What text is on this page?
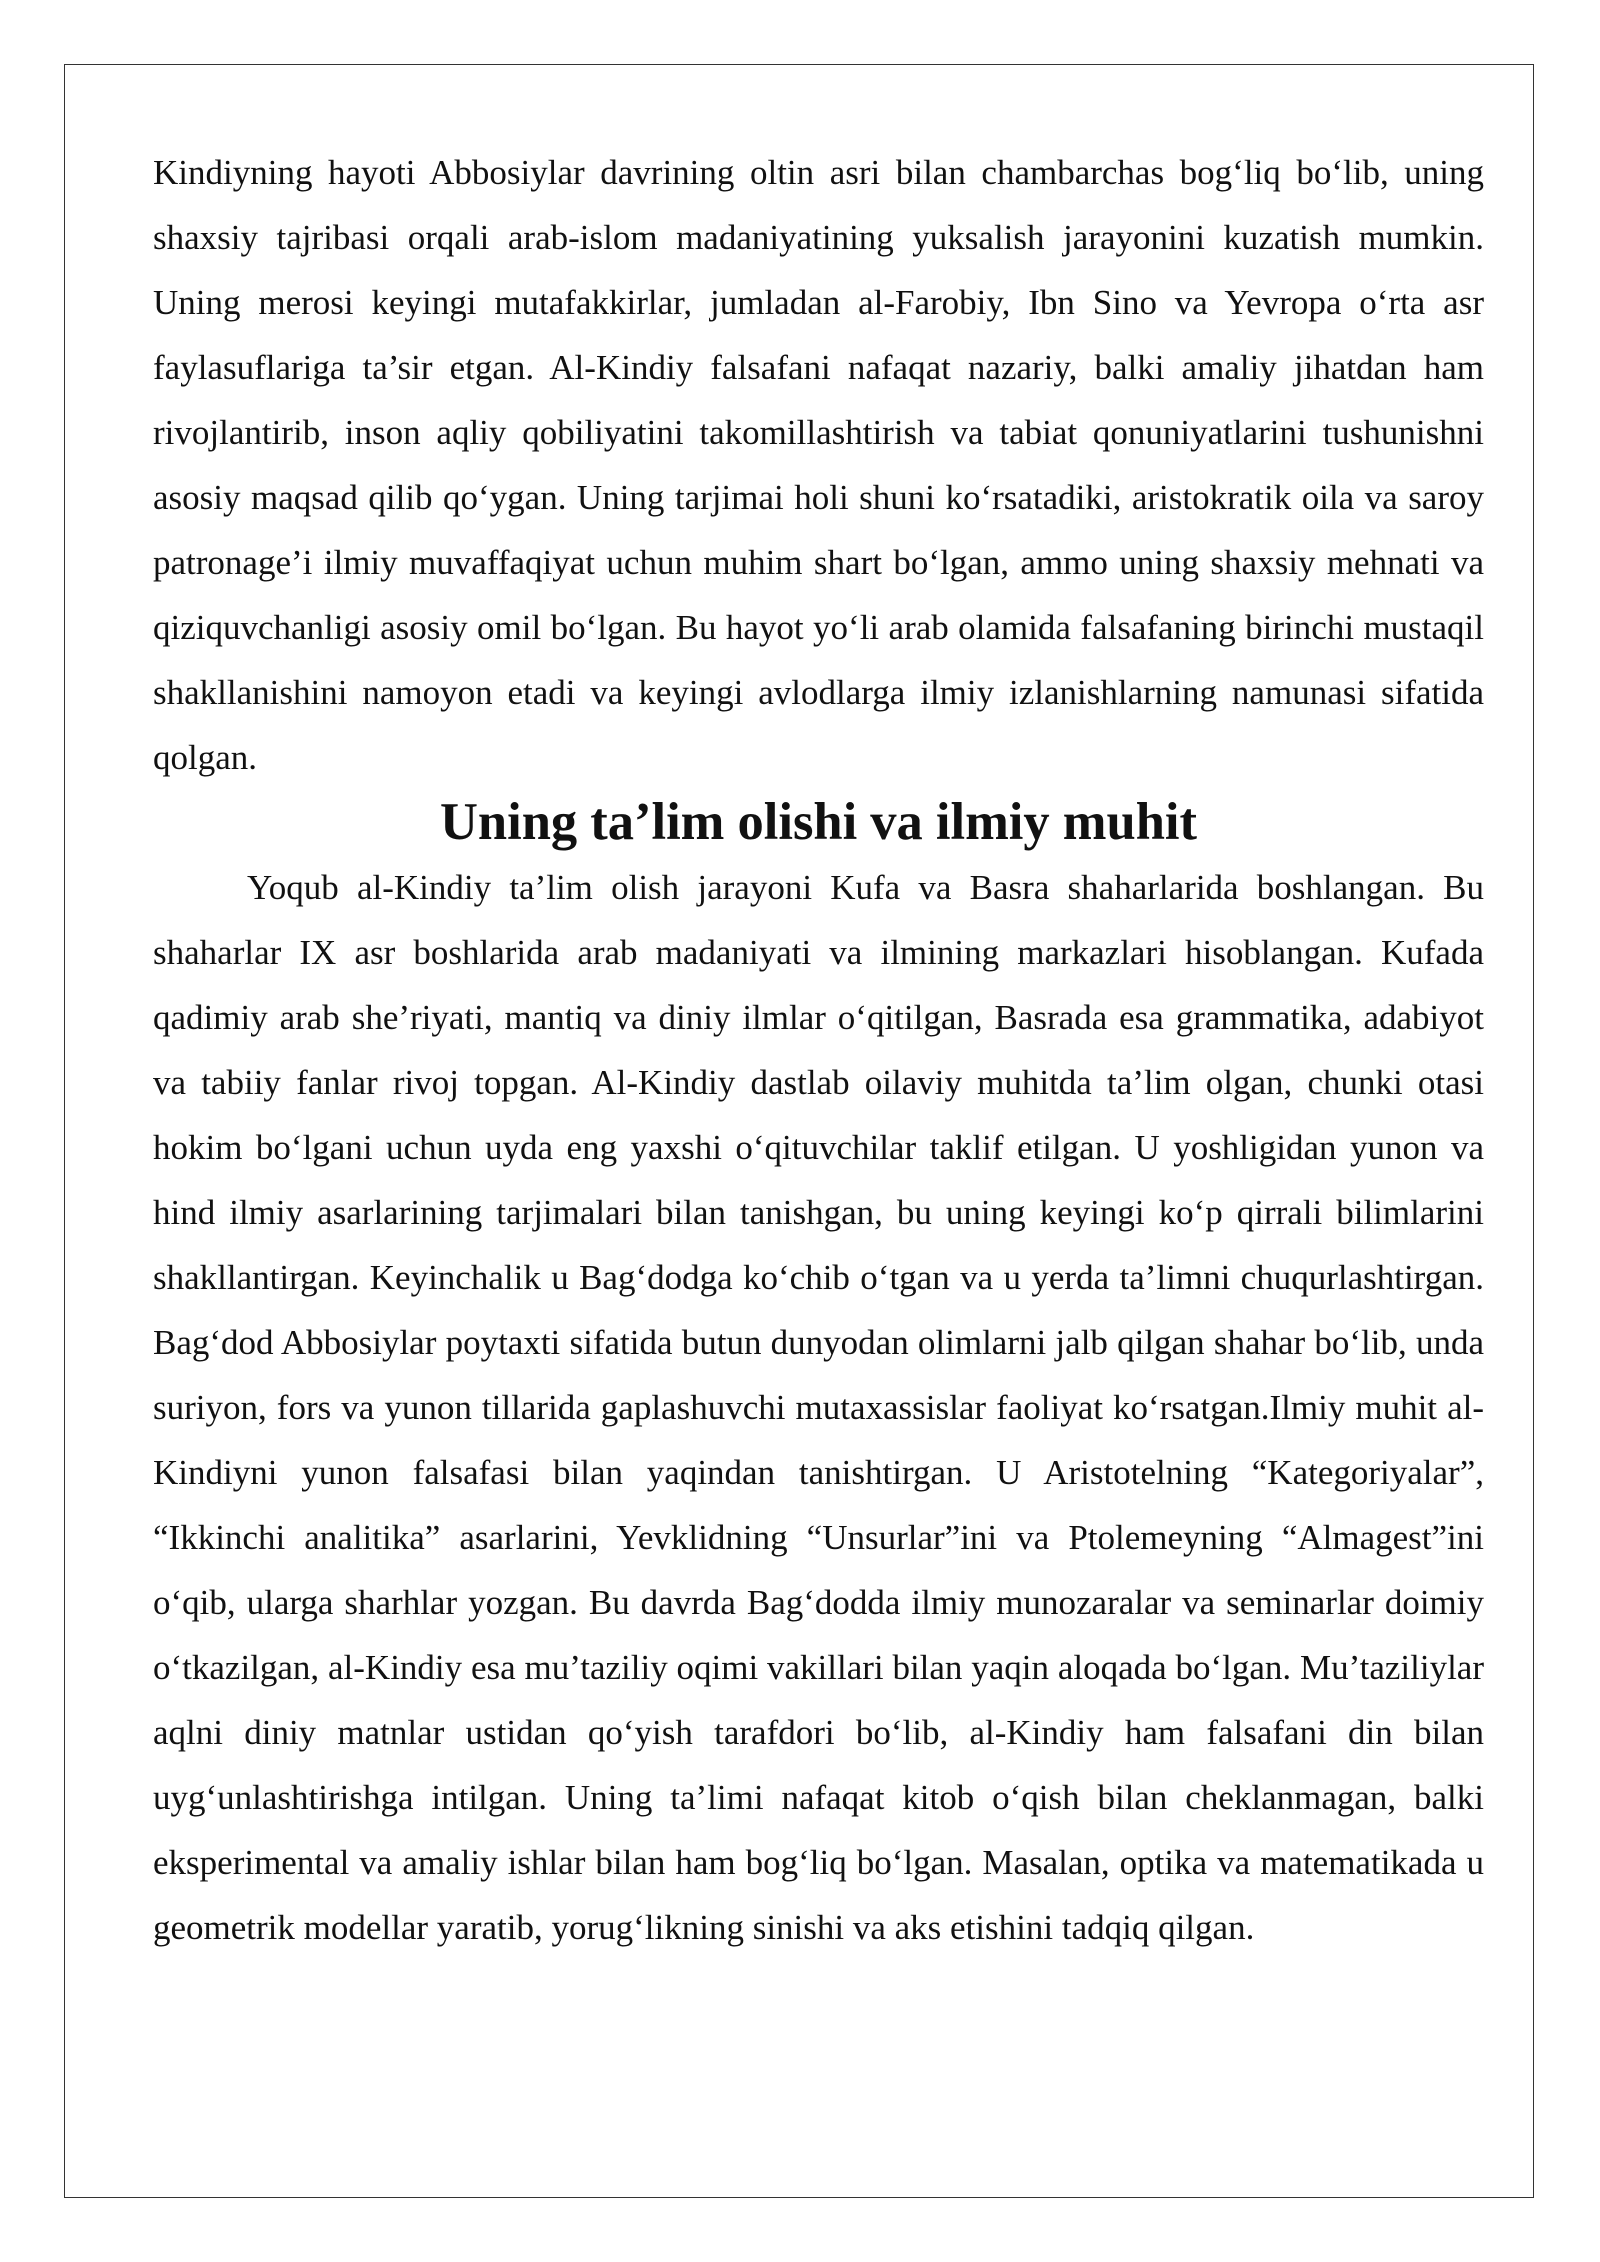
Kindiyning hayoti Abbosiylar davrining oltin asri bilan chambarchas bog‘liq bo‘lib, uning shaxsiy tajribasi orqali arab-islom madaniyatining yuksalish jarayonini kuzatish mumkin. Uning merosi keyingi mutafakkirlar, jumladan al-Farobiy, Ibn Sino va Yevropa o‘rta asr faylasuflariga ta’sir etgan. Al-Kindiy falsafani nafaqat nazariy, balki amaliy jihatdan ham rivojlantirib, inson aqliy qobiliyatini takomillashtirish va tabiat qonuniyatlarini tushunishni asosiy maqsad qilib qo‘ygan. Uning tarjimai holi shuni ko‘rsatadiki, aristokratik oila va saroy patronage’i ilmiy muvaffaqiyat uchun muhim shart bo‘lgan, ammo uning shaxsiy mehnati va qiziquvchanligi asosiy omil bo‘lgan. Bu hayot yo‘li arab olamida falsafaning birinchi mustaqil shakllanishini namoyon etadi va keyingi avlodlarga ilmiy izlanishlarning namunasi sifatida qolgan.

Uning ta’lim olishi va ilmiy muhit

Yoqub al-Kindiy ta’lim olish jarayoni Kufa va Basra shaharlarida boshlangan. Bu shaharlar IX asr boshlarida arab madaniyati va ilmining markazlari hisoblangan. Kufada qadimiy arab she’riyati, mantiq va diniy ilmlar o‘qitilgan, Basrada esa grammatika, adabiyot va tabiiy fanlar rivoj topgan. Al-Kindiy dastlab oilaviy muhitda ta’lim olgan, chunki otasi hokim bo‘lgani uchun uyda eng yaxshi o‘qituvchilar taklif etilgan. U yoshligidan yunon va hind ilmiy asarlarining tarjimalari bilan tanishgan, bu uning keyingi ko‘p qirrali bilimlarini shakllantirgan. Keyinchalik u Bag‘dodga ko‘chib o‘tgan va u yerda ta’limni chuqurlashtirgan. Bag‘dod Abbosiylar poytaxti sifatida butun dunyodan olimlarni jalb qilgan shahar bo‘lib, unda suriyon, fors va yunon tillarida gaplashuvchi mutaxassislar faoliyat ko‘rsatgan.Ilmiy muhit al-Kindiyni yunon falsafasi bilan yaqindan tanishtirgan. U Aristotelning “Kategoriyalar”, “Ikkinchi analitika” asarlarini, Yevklidning “Unsurlar”ini va Ptolemeyning “Almagest”ini o‘qib, ularga sharhlar yozgan. Bu davrda Bag‘dodda ilmiy munozaralar va seminarlar doimiy o‘tkazilgan, al-Kindiy esa mu’taziliy oqimi vakillari bilan yaqin aloqada bo‘lgan. Mu’taziliylar aqlni diniy matnlar ustidan qo‘yish tarafdori bo‘lib, al-Kindiy ham falsafani din bilan uyg‘unlashtirishga intilgan. Uning ta’limi nafaqat kitob o‘qish bilan cheklanmagan, balki eksperimental va amaliy ishlar bilan ham bog‘liq bo‘lgan. Masalan, optika va matematikada u geometrik modellar yaratib, yorug‘likning sinishi va aks etishini tadqiq qilgan.
